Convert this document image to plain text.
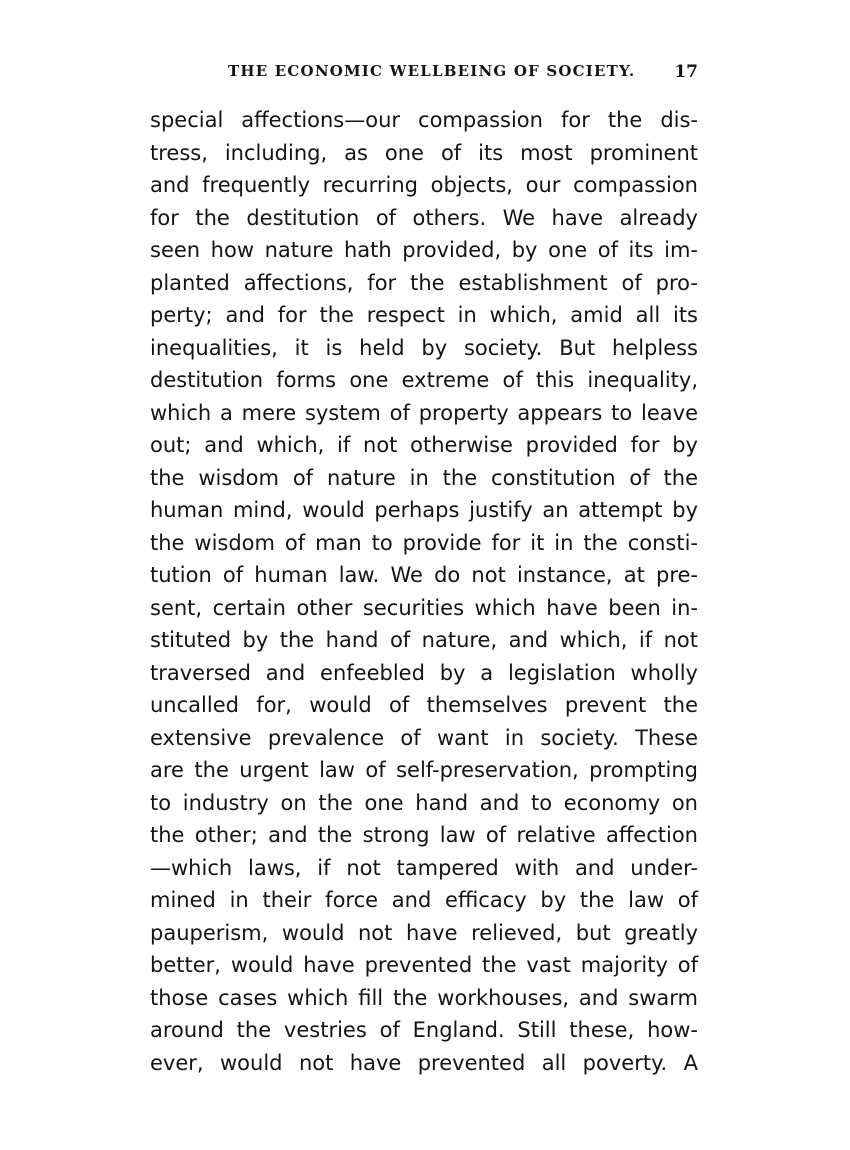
THE ECONOMIC WELLBEING OF SOCIETY. 17
special affections—our compassion for the dis-
tress, including, as one of its most prominent
and frequently recurring objects, our compassion
for the destitution of others. We have already
seen how nature hath provided, by one of its im-
planted affections, for the establishment of pro-
perty; and for the respect in which, amid all its
inequalities, it is held by society. But helpless
destitution forms one extreme of this inequality,
which a mere system of property appears to leave
out; and which, if not otherwise provided for by
the wisdom of nature in the constitution of the
human mind, would perhaps justify an attempt by
the wisdom of man to provide for it in the consti-
tution of human law. We do not instance, at pre-
sent, certain other securities which have been in-
stituted by the hand of nature, and which, if not
traversed and enfeebled by a legislation wholly
uncalled for, would of themselves prevent the
extensive prevalence of want in society. These
are the urgent law of self-preservation, prompting
to industry on the one hand and to economy on
the other; and the strong law of relative affection
—which laws, if not tampered with and under-
mined in their force and efficacy by the law of
pauperism, would not have relieved, but greatly
better, would have prevented the vast majority of
those cases which fill the workhouses, and swarm
around the vestries of England. Still these, how-
ever, would not have prevented all poverty. A
